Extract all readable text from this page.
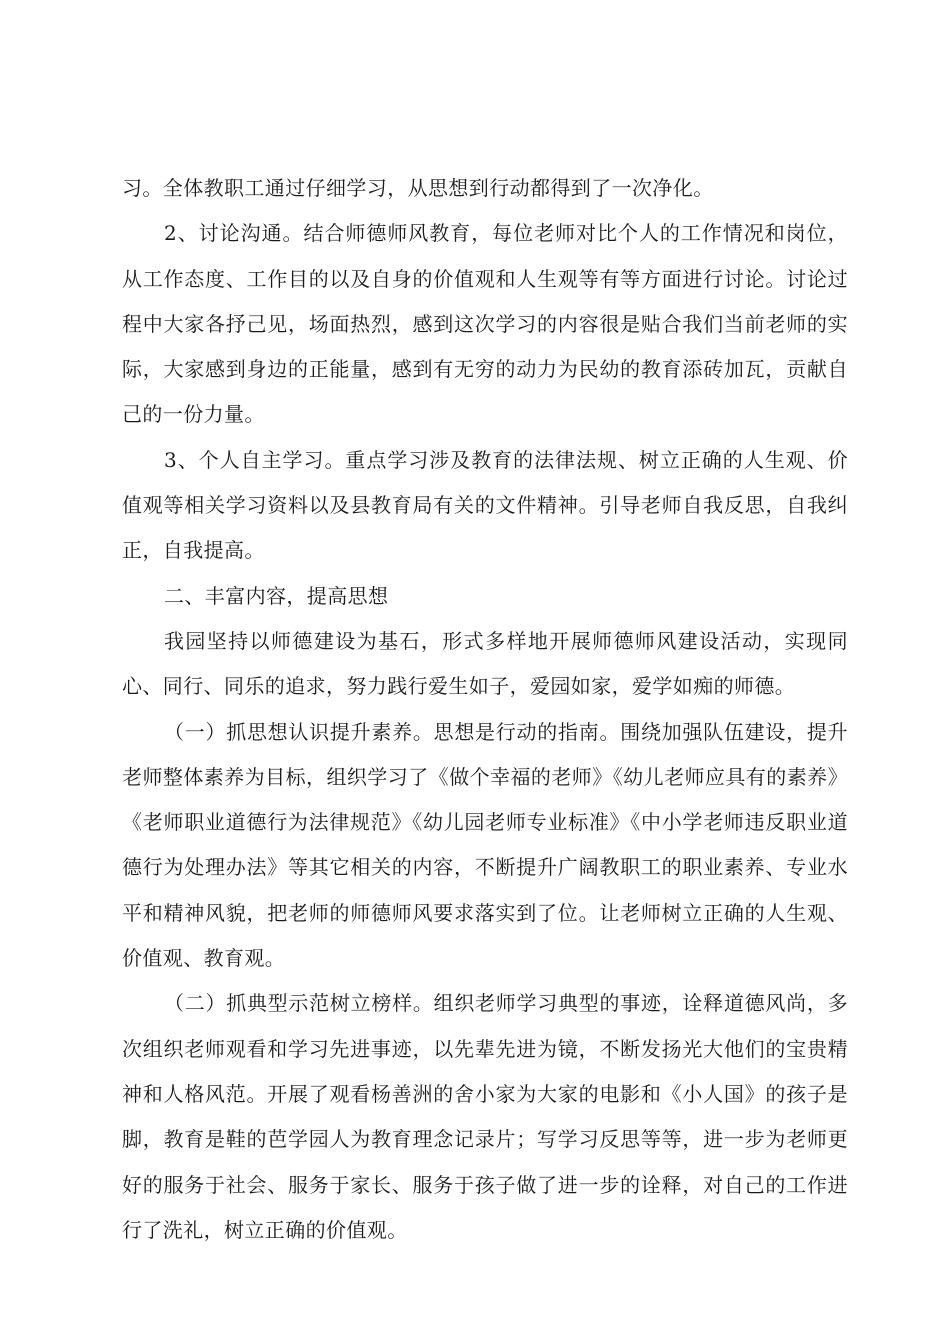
习。全体教职工通过仔细学习，从思想到行动都得到了一次净化。

2、讨论沟通。结合师德师风教育，每位老师对比个人的工作情况和岗位，从工作态度、工作目的以及自身的价值观和人生观等有等方面进行讨论。讨论过程中大家各抒己见，场面热烈，感到这次学习的内容很是贴合我们当前老师的实际，大家感到身边的正能量，感到有无穷的动力为民幼的教育添砖加瓦，贡献自己的一份力量。

3、个人自主学习。重点学习涉及教育的法律法规、树立正确的人生观、价值观等相关学习资料以及县教育局有关的文件精神。引导老师自我反思，自我纠正，自我提高。

二、丰富内容，提高思想

我园坚持以师德建设为基石，形式多样地开展师德师风建设活动，实现同心、同行、同乐的追求，努力践行爱生如子，爱园如家，爱学如痴的师德。

（一）抓思想认识提升素养。思想是行动的指南。围绕加强队伍建设，提升老师整体素养为目标，组织学习了《做个幸福的老师》《幼儿老师应具有的素养》《老师职业道德行为法律规范》《幼儿园老师专业标准》《中小学老师违反职业道德行为处理办法》等其它相关的内容，不断提升广阔教职工的职业素养、专业水平和精神风貌，把老师的师德师风要求落实到了位。让老师树立正确的人生观、价值观、教育观。

（二）抓典型示范树立榜样。组织老师学习典型的事迹，诠释道德风尚，多次组织老师观看和学习先进事迹，以先辈先进为镜，不断发扬光大他们的宝贵精神和人格风范。开展了观看杨善洲的舍小家为大家的电影和《小人国》的孩子是脚，教育是鞋的芭学园人为教育理念记录片；写学习反思等等，进一步为老师更好的服务于社会、服务于家长、服务于孩子做了进一步的诠释，对自己的工作进行了洗礼，树立正确的价值观。
